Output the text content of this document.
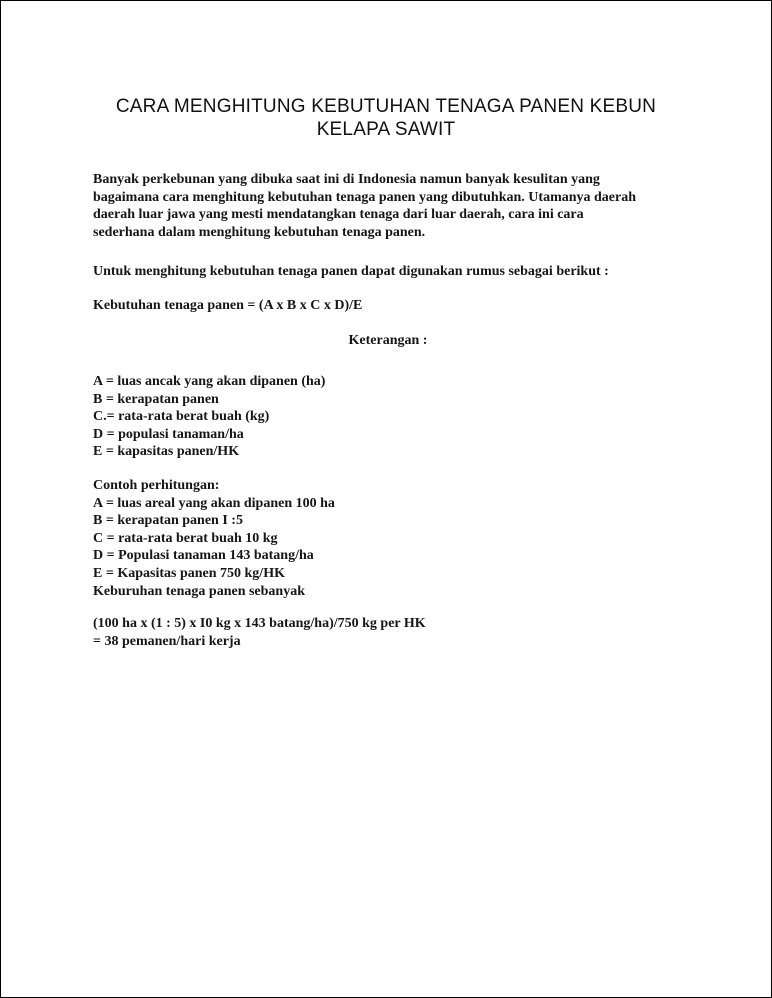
CARA MENGHITUNG KEBUTUHAN TENAGA PANEN KEBUN
KELAPA SAWIT
Banyak perkebunan yang dibuka saat ini di Indonesia namun banyak kesulitan yang
bagaimana cara menghitung kebutuhan tenaga panen yang dibutuhkan. Utamanya daerah
daerah luar jawa yang mesti mendatangkan tenaga dari luar daerah, cara ini cara
sederhana dalam menghitung kebutuhan tenaga panen.
Untuk menghitung kebutuhan tenaga panen dapat digunakan rumus sebagai berikut :
Kebutuhan tenaga panen = (A x B x C x D)/E
Keterangan :
A = luas ancak yang akan dipanen (ha)
B = kerapatan panen
C.= rata-rata berat buah (kg)
D = populasi tanaman/ha
E = kapasitas panen/HK
Contoh perhitungan:
A = luas areal yang akan dipanen 100 ha
B = kerapatan panen I :5
C = rata-rata berat buah 10 kg
D = Populasi tanaman 143 batang/ha
E = Kapasitas panen 750 kg/HK
Keburuhan tenaga panen sebanyak
(100 ha x (1 : 5) x I0 kg x 143 batang/ha)/750 kg per HK
= 38 pemanen/hari kerja
